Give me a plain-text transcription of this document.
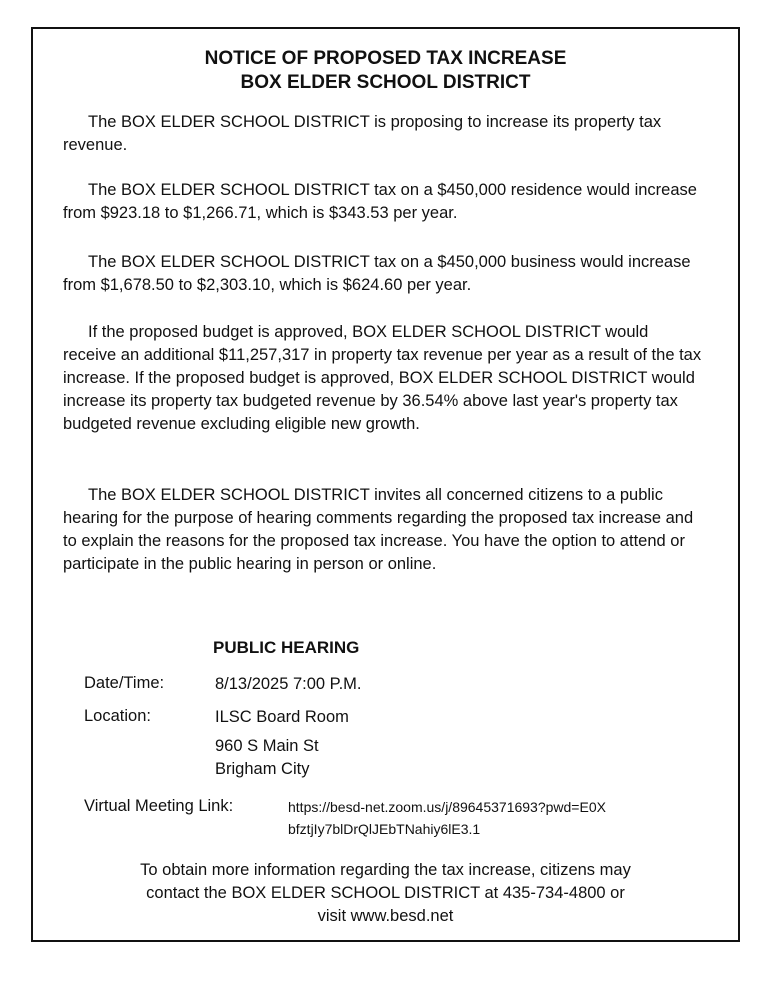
NOTICE OF PROPOSED TAX INCREASE
BOX ELDER SCHOOL DISTRICT
The BOX ELDER SCHOOL DISTRICT is proposing to increase its property tax revenue.
The BOX ELDER SCHOOL DISTRICT tax on a $450,000 residence would increase from $923.18 to $1,266.71, which is $343.53 per year.
The BOX ELDER SCHOOL DISTRICT tax on a $450,000 business would increase from $1,678.50 to $2,303.10, which is $624.60 per year.
If the proposed budget is approved, BOX ELDER SCHOOL DISTRICT would receive an additional $11,257,317 in property tax revenue per year as a result of the tax increase. If the proposed budget is approved, BOX ELDER SCHOOL DISTRICT would increase its property tax budgeted revenue by 36.54% above last year's property tax budgeted revenue excluding eligible new growth.
The BOX ELDER SCHOOL DISTRICT invites all concerned citizens to a public hearing for the purpose of hearing comments regarding the proposed tax increase and to explain the reasons for the proposed tax increase. You have the option to attend or participate in the public hearing in person or online.
PUBLIC HEARING
Date/Time:	8/13/2025 7:00 P.M.
Location:	ILSC Board Room
960 S Main St
Brigham City
Virtual Meeting Link:	https://besd-net.zoom.us/j/89645371693?pwd=E0X
bfztjIy7blDrQlJEbTNahiy6lE3.1
To obtain more information regarding the tax increase, citizens may
contact the BOX ELDER SCHOOL DISTRICT at 435-734-4800 or
visit www.besd.net
